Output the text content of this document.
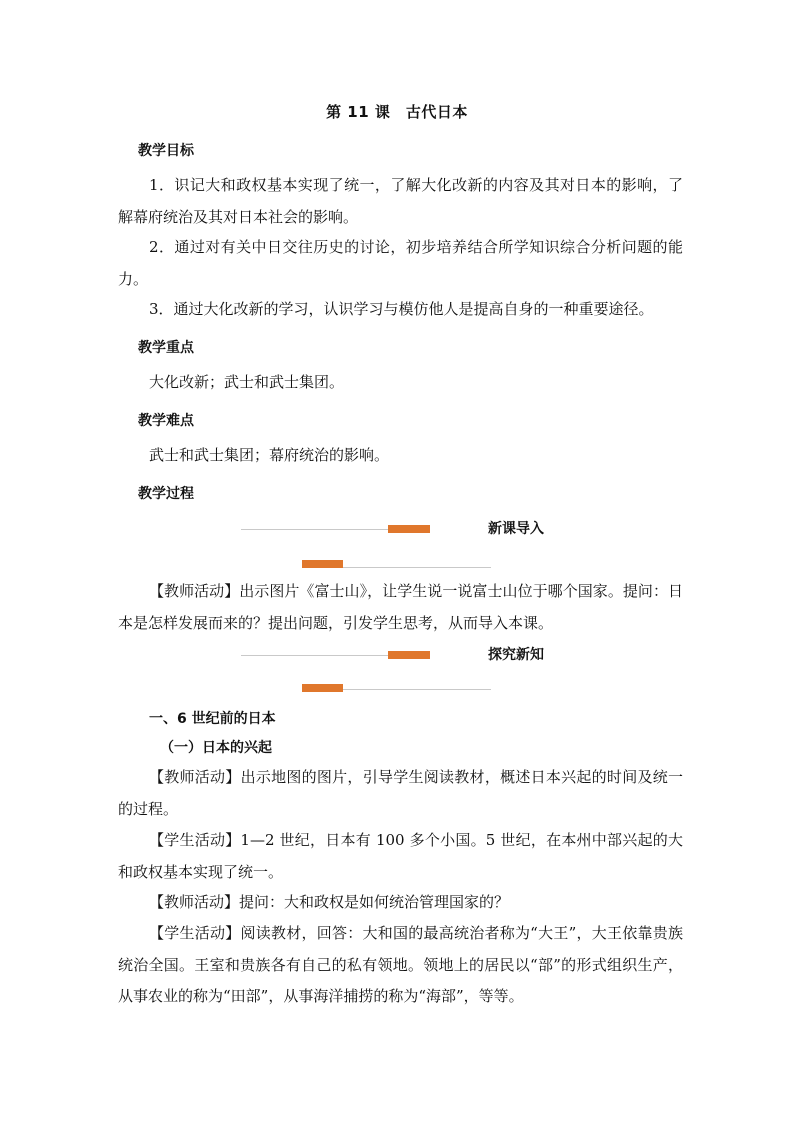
第 11 课　古代日本
教学目标

1．识记大和政权基本实现了统一，了解大化改新的内容及其对日本的影响，了解幕府统治及其对日本社会的影响。

2．通过对有关中日交往历史的讨论，初步培养结合所学知识综合分析问题的能力。

3．通过大化改新的学习，认识学习与模仿他人是提高自身的一种重要途径。

教学重点

大化改新；武士和武士集团。

教学难点

武士和武士集团；幕府统治的影响。

教学过程
新课导入

【教师活动】出示图片《富士山》，让学生说一说富士山位于哪个国家。提问：日本是怎样发展而来的？提出问题，引发学生思考，从而导入本课。

探究新知
一、6 世纪前的日本
（一）日本的兴起

【教师活动】出示地图的图片，引导学生阅读教材，概述日本兴起的时间及统一的过程。

【学生活动】1—2 世纪，日本有 100 多个小国。5 世纪，在本州中部兴起的大和政权基本实现了统一。

【教师活动】提问：大和政权是如何统治管理国家的？

【学生活动】阅读教材，回答：大和国的最高统治者称为“大王”，大王依靠贵族统治全国。王室和贵族各有自己的私有领地。领地上的居民以“部”的形式组织生产，从事农业的称为“田部”，从事海洋捕捞的称为“海部”，等等。
